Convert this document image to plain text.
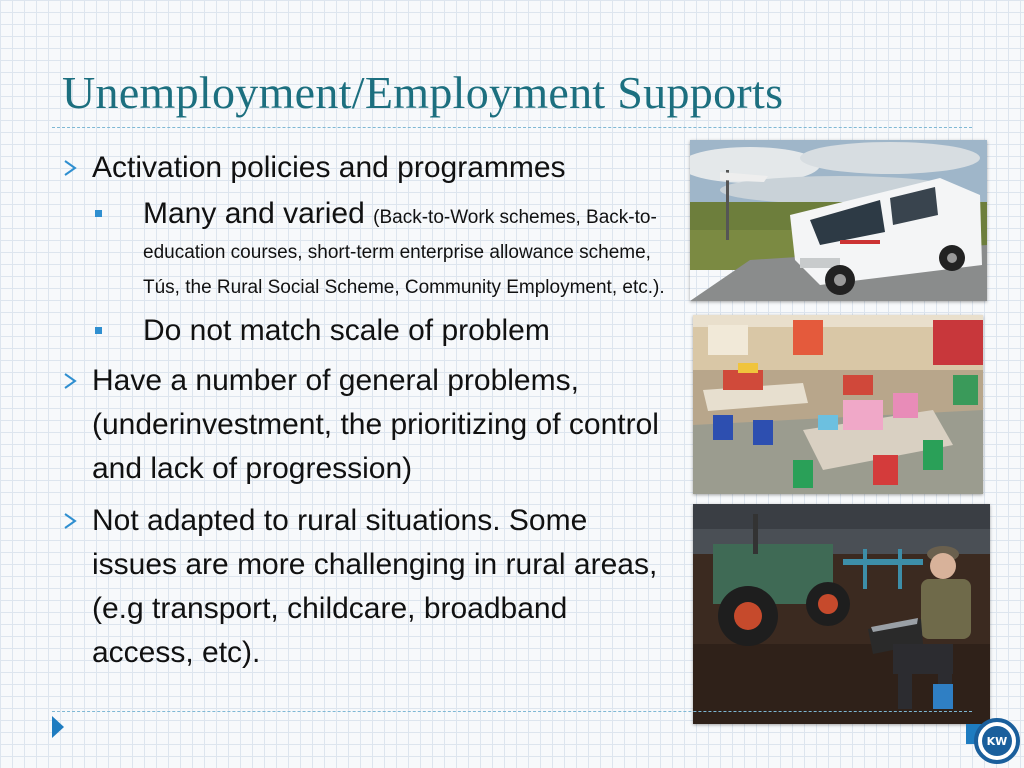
Unemployment/Employment Supports
Activation policies and programmes
Many and varied (Back-to-Work schemes, Back-to- education courses, short-term enterprise allowance scheme, Tús, the Rural Social Scheme, Community Employment, etc.).
Do not match scale of problem
Have a number of general problems,(underinvestment, the prioritizing of control and lack of progression)
Not adapted to rural situations. Some issues are more challenging in rural areas, (e.g transport, childcare, broadband access, etc).
KW
